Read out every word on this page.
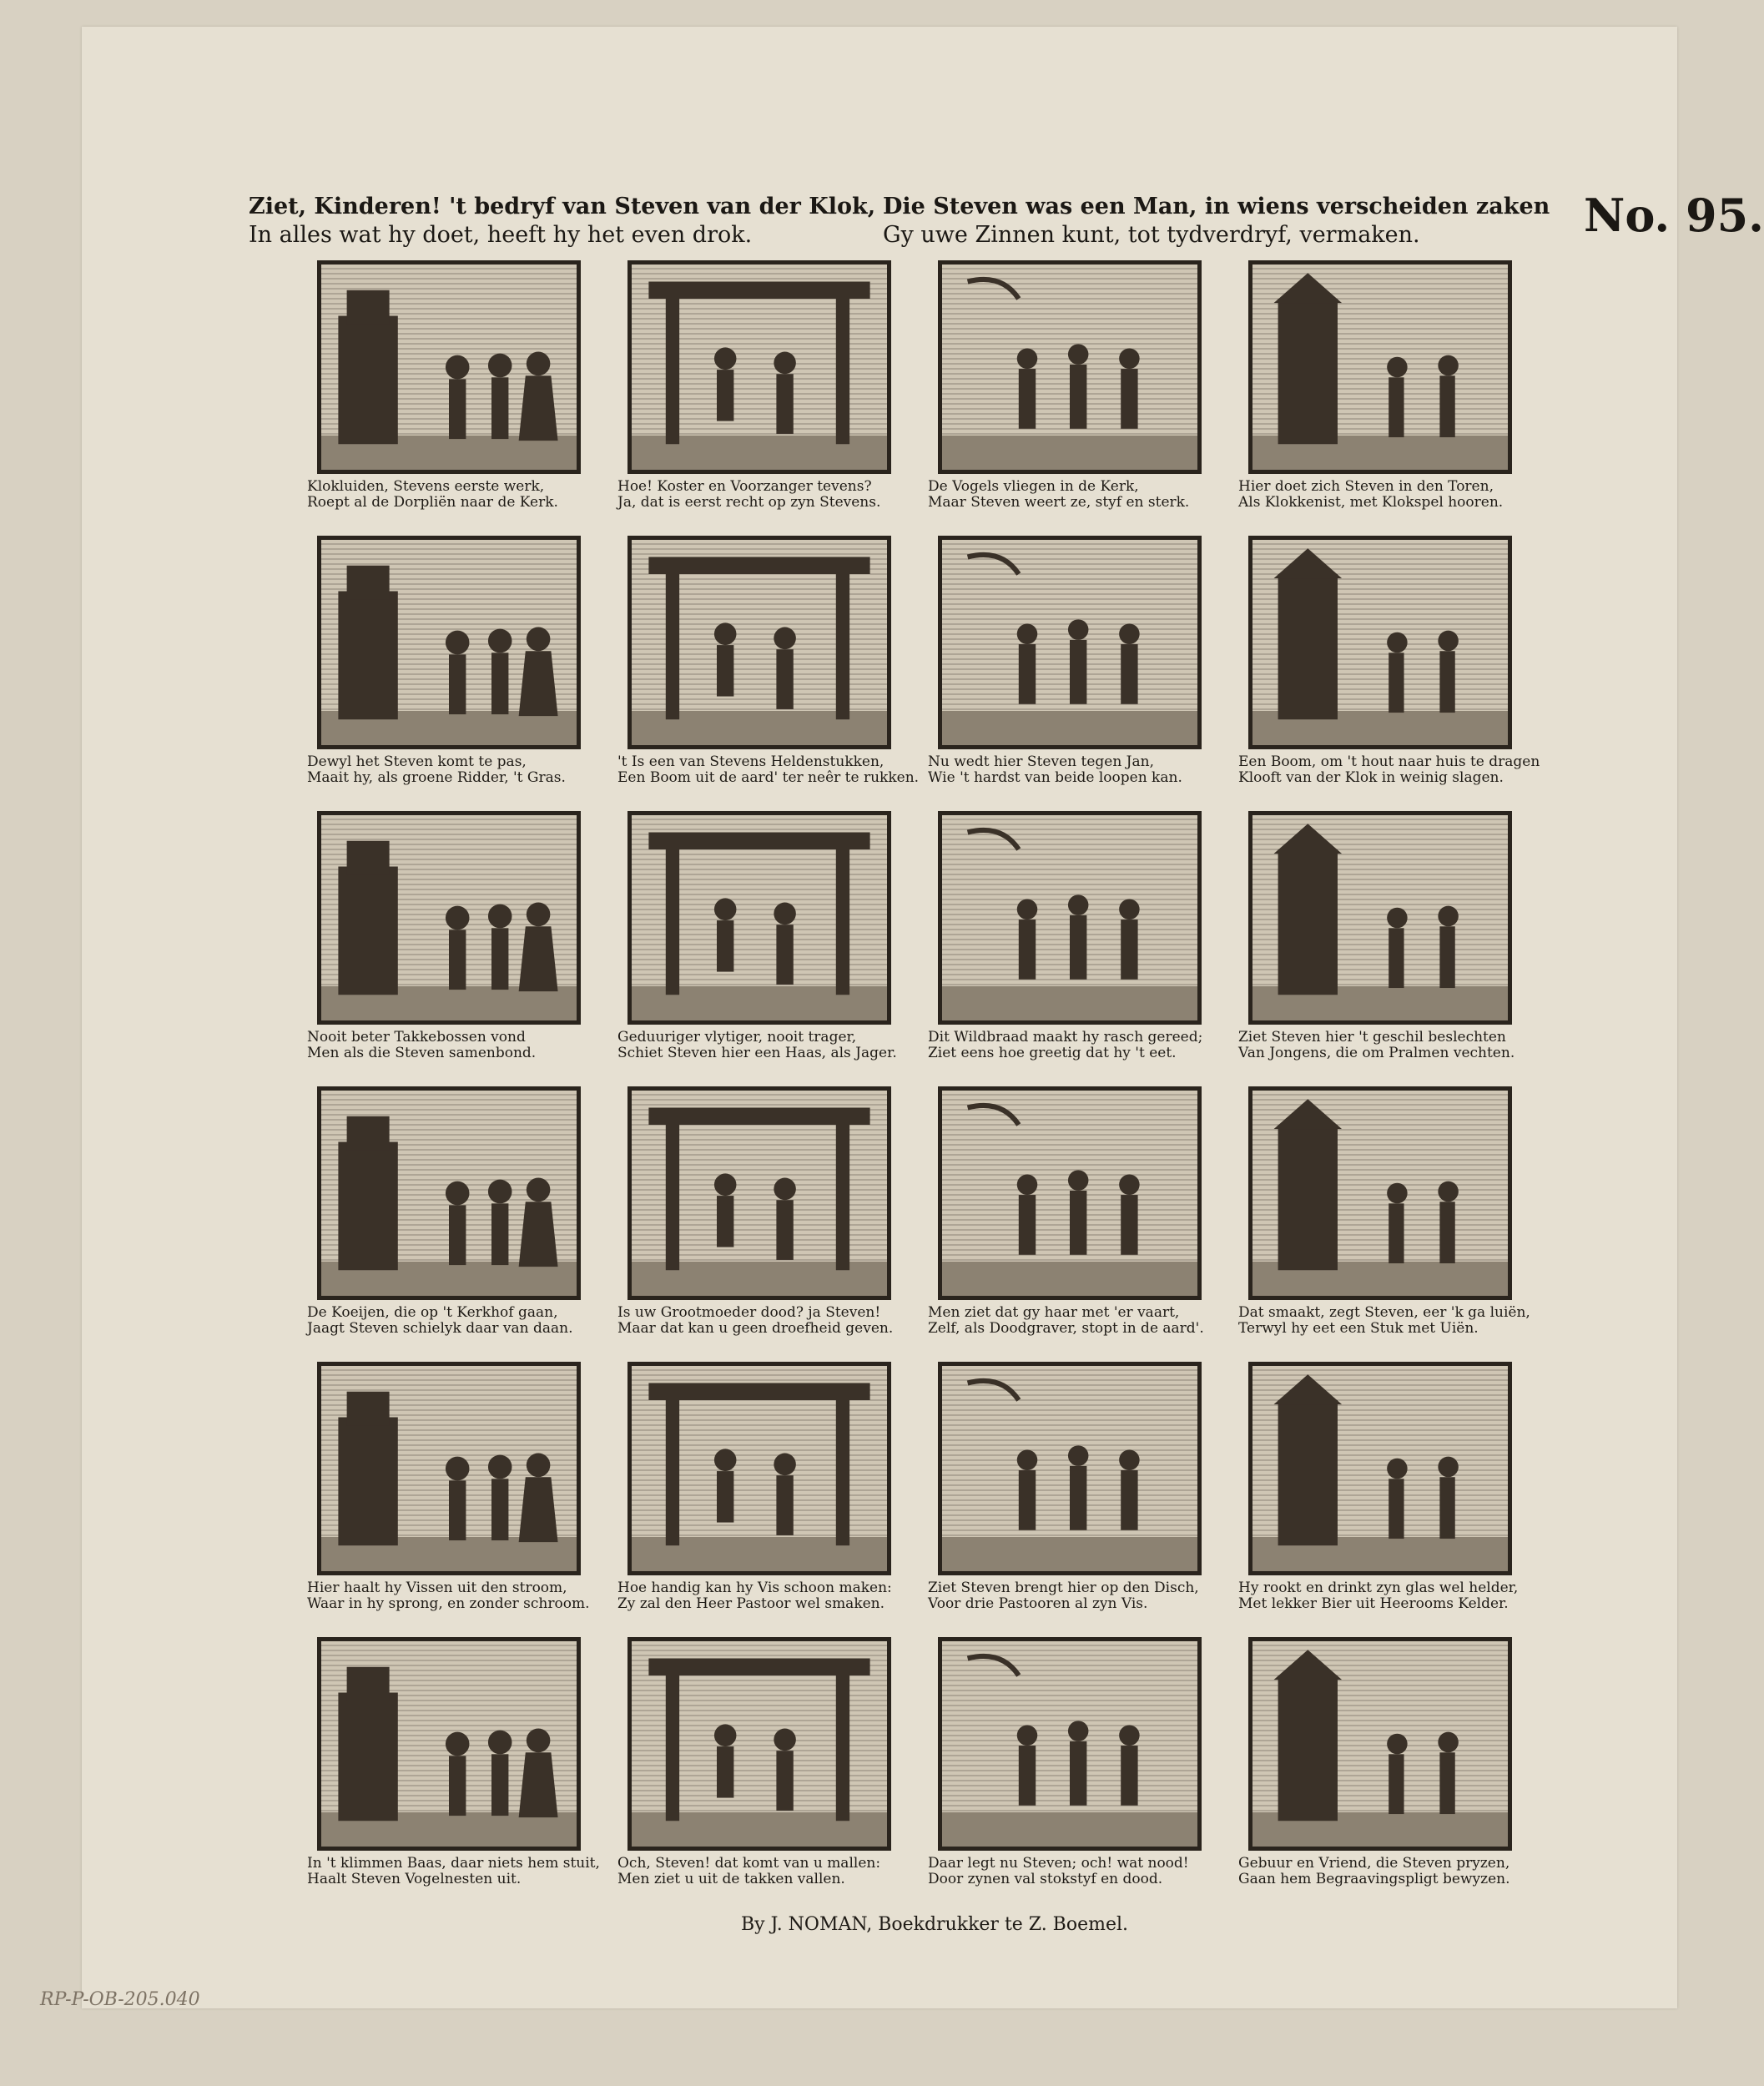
Ziet, Kinderen! 't bedryf van Steven van der Klok,
In alles wat hy doet, heeft hy het even drok.
Die Steven was een Man, in wiens verscheiden zaken
Gy uwe Zinnen kunt, tot tydverdryf, vermaken.	No. 95.
Klokluiden, Stevens eerste werk,
Roept al de Dorpliën naar de Kerk.
Hoe! Koster en Voorzanger tevens?
Ja, dat is eerst recht op zyn Stevens.
De Vogels vliegen in de Kerk,
Maar Steven weert ze, styf en sterk.
Hier doet zich Steven in den Toren,
Als Klokkenist, met Klokspel hooren.
Dewyl het Steven komt te pas,
Maait hy, als groene Ridder, 't Gras.
't Is een van Stevens Heldenstukken,
Een Boom uit de aard' ter neêr te rukken.
Nu wedt hier Steven tegen Jan,
Wie 't hardst van beide loopen kan.
Een Boom, om 't hout naar huis te dragen
Klooft van der Klok in weinig slagen.
Nooit beter Takkebossen vond
Men als die Steven samenbond.
Geduuriger vlytiger, nooit trager,
Schiet Steven hier een Haas, als Jager.
Dit Wildbraad maakt hy rasch gereed;
Ziet eens hoe greetig dat hy 't eet.
Ziet Steven hier 't geschil beslechten
Van Jongens, die om Pralmen vechten.
De Koeijen, die op 't Kerkhof gaan,
Jaagt Steven schielyk daar van daan.
Is uw Grootmoeder dood? ja Steven!
Maar dat kan u geen droefheid geven.
Men ziet dat gy haar met 'er vaart,
Zelf, als Doodgraver, stopt in de aard'.
Dat smaakt, zegt Steven, eer 'k ga luiën,
Terwyl hy eet een Stuk met Uiën.
Hier haalt hy Vissen uit den stroom,
Waar in hy sprong, en zonder schroom.
Hoe handig kan hy Vis schoon maken:
Zy zal den Heer Pastoor wel smaken.
Ziet Steven brengt hier op den Disch,
Voor drie Pastooren al zyn Vis.
Hy rookt en drinkt zyn glas wel helder,
Met lekker Bier uit Heerooms Kelder.
In 't klimmen Baas, daar niets hem stuit,
Haalt Steven Vogelnesten uit.
Och, Steven! dat komt van u mallen:
Men ziet u uit de takken vallen.
Daar legt nu Steven; och! wat nood!
Door zynen val stokstyf en dood.
Gebuur en Vriend, die Steven pryzen,
Gaan hem Begraavingspligt bewyzen.
By J. NOMAN, Boekdrukker te Z. Boemel.
RP-P-OB-205.040
